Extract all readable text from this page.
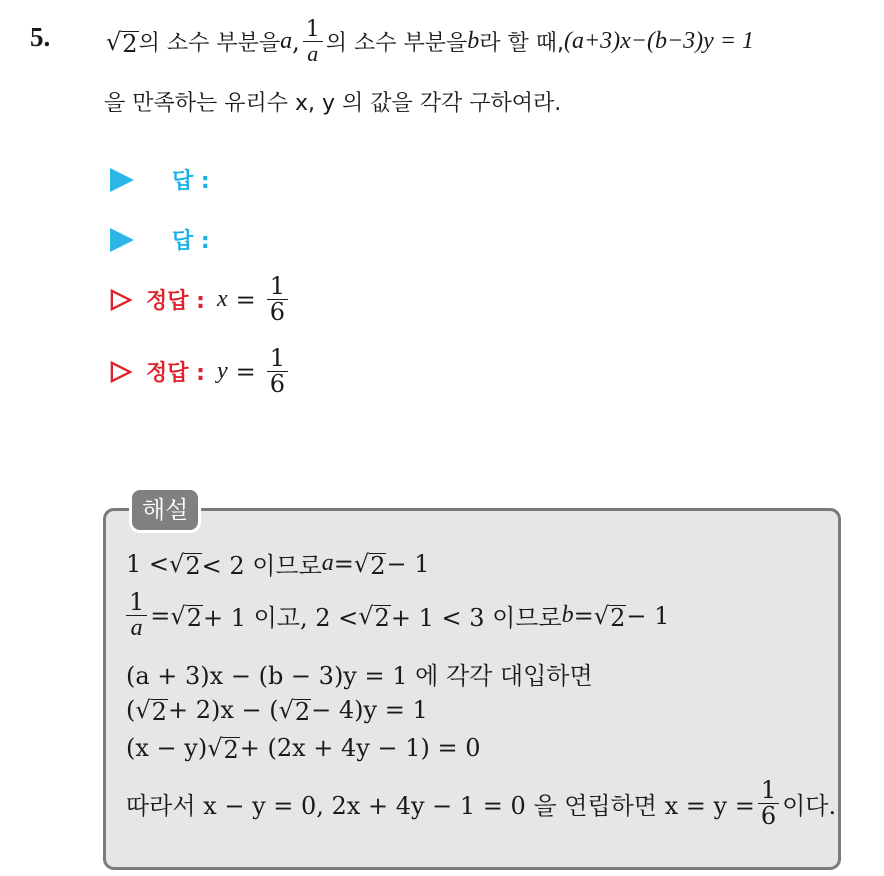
5. √ 2 의 소수 부분을 a , $\frac{1}{a}$ 의 소수 부분을 b 라 할 때, (a+3)x−(b−3)y = 1
을 만족하는 유리수 x, y 의 값을 각각 구하여라.
답 :
답 :
정답 : $x = \frac{1}{6}$
정답 : $y = \frac{1}{6}$
해설
1 < √ 2 < 2 이므로 a = √ 2 − 1
$\frac{1}{a}$ = √ 2 + 1 이고, 2 < √ 2 + 1 < 3 이므로 b = √ 2 − 1
(a + 3)x − (b − 3)y = 1 에 각각 대입하면
( √ 2 + 2)x − ( √ 2 − 4)y = 1
(x − y) √ 2 + (2x + 4y − 1) = 0
따라서 x − y = 0, 2x + 4y − 1 = 0 을 연립하면 $x = y = \frac{1}{6}$ 이다.
